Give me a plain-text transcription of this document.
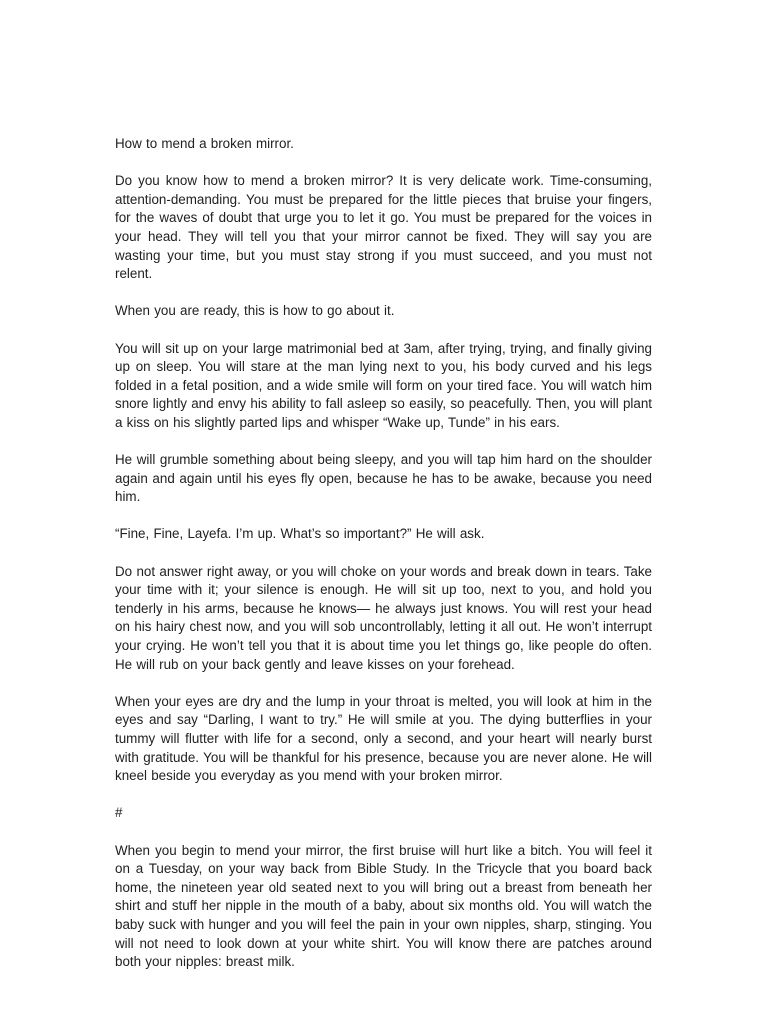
How to mend a broken mirror.

Do you know how to mend a broken mirror? It is very delicate work. Time-consuming, attention-demanding. You must be prepared for the little pieces that bruise your fingers, for the waves of doubt that urge you to let it go. You must be prepared for the voices in your head. They will tell you that your mirror cannot be fixed. They will say you are wasting your time, but you must stay strong if you must succeed, and you must not relent.

When you are ready, this is how to go about it.

You will sit up on your large matrimonial bed at 3am, after trying, trying, and finally giving up on sleep. You will stare at the man lying next to you, his body curved and his legs folded in a fetal position, and a wide smile will form on your tired face. You will watch him snore lightly and envy his ability to fall asleep so easily, so peacefully. Then, you will plant a kiss on his slightly parted lips and whisper “Wake up, Tunde” in his ears.

He will grumble something about being sleepy, and you will tap him hard on the shoulder again and again until his eyes fly open, because he has to be awake, because you need him.

“Fine, Fine, Layefa. I’m up. What’s so important?” He will ask.

Do not answer right away, or you will choke on your words and break down in tears. Take your time with it; your silence is enough. He will sit up too, next to you, and hold you tenderly in his arms, because he knows— he always just knows. You will rest your head on his hairy chest now, and you will sob uncontrollably, letting it all out. He won’t interrupt your crying. He won’t tell you that it is about time you let things go, like people do often. He will rub on your back gently and leave kisses on your forehead.

When your eyes are dry and the lump in your throat is melted, you will look at him in the eyes and say “Darling, I want to try.” He will smile at you. The dying butterflies in your tummy will flutter with life for a second, only a second, and your heart will nearly burst with gratitude. You will be thankful for his presence, because you are never alone. He will kneel beside you everyday as you mend with your broken mirror.

#

When you begin to mend your mirror, the first bruise will hurt like a bitch. You will feel it on a Tuesday, on your way back from Bible Study. In the Tricycle that you board back home, the nineteen year old seated next to you will bring out a breast from beneath her shirt and stuff her nipple in the mouth of a baby, about six months old. You will watch the baby suck with hunger and you will feel the pain in your own nipples, sharp, stinging. You will not need to look down at your white shirt. You will know there are patches around both your nipples: breast milk.
